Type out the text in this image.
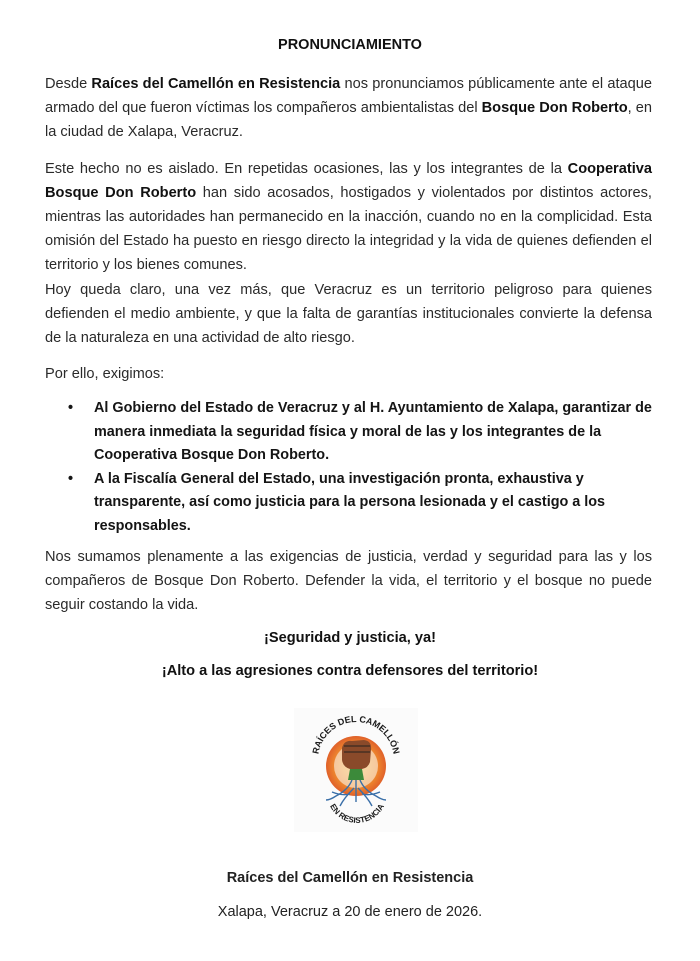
PRONUNCIAMIENTO
Desde Raíces del Camellón en Resistencia nos pronunciamos públicamente ante el ataque armado del que fueron víctimas los compañeros ambientalistas del Bosque Don Roberto, en la ciudad de Xalapa, Veracruz.
Este hecho no es aislado. En repetidas ocasiones, las y los integrantes de la Cooperativa Bosque Don Roberto han sido acosados, hostigados y violentados por distintos actores, mientras las autoridades han permanecido en la inacción, cuando no en la complicidad. Esta omisión del Estado ha puesto en riesgo directo la integridad y la vida de quienes defienden el territorio y los bienes comunes.
Hoy queda claro, una vez más, que Veracruz es un territorio peligroso para quienes defienden el medio ambiente, y que la falta de garantías institucionales convierte la defensa de la naturaleza en una actividad de alto riesgo.
Por ello, exigimos:
• Al Gobierno del Estado de Veracruz y al H. Ayuntamiento de Xalapa, garantizar de manera inmediata la seguridad física y moral de las y los integrantes de la Cooperativa Bosque Don Roberto.
• A la Fiscalía General del Estado, una investigación pronta, exhaustiva y transparente, así como justicia para la persona lesionada y el castigo a los responsables.
Nos sumamos plenamente a las exigencias de justicia, verdad y seguridad para las y los compañeros de Bosque Don Roberto. Defender la vida, el territorio y el bosque no puede seguir costando la vida.
¡Seguridad y justicia, ya!
¡Alto a las agresiones contra defensores del territorio!
RAÍCES DEL CAMELLÓN
EN RESISTENCIA
Raíces del Camellón en Resistencia
Xalapa, Veracruz a 20 de enero de 2026.
